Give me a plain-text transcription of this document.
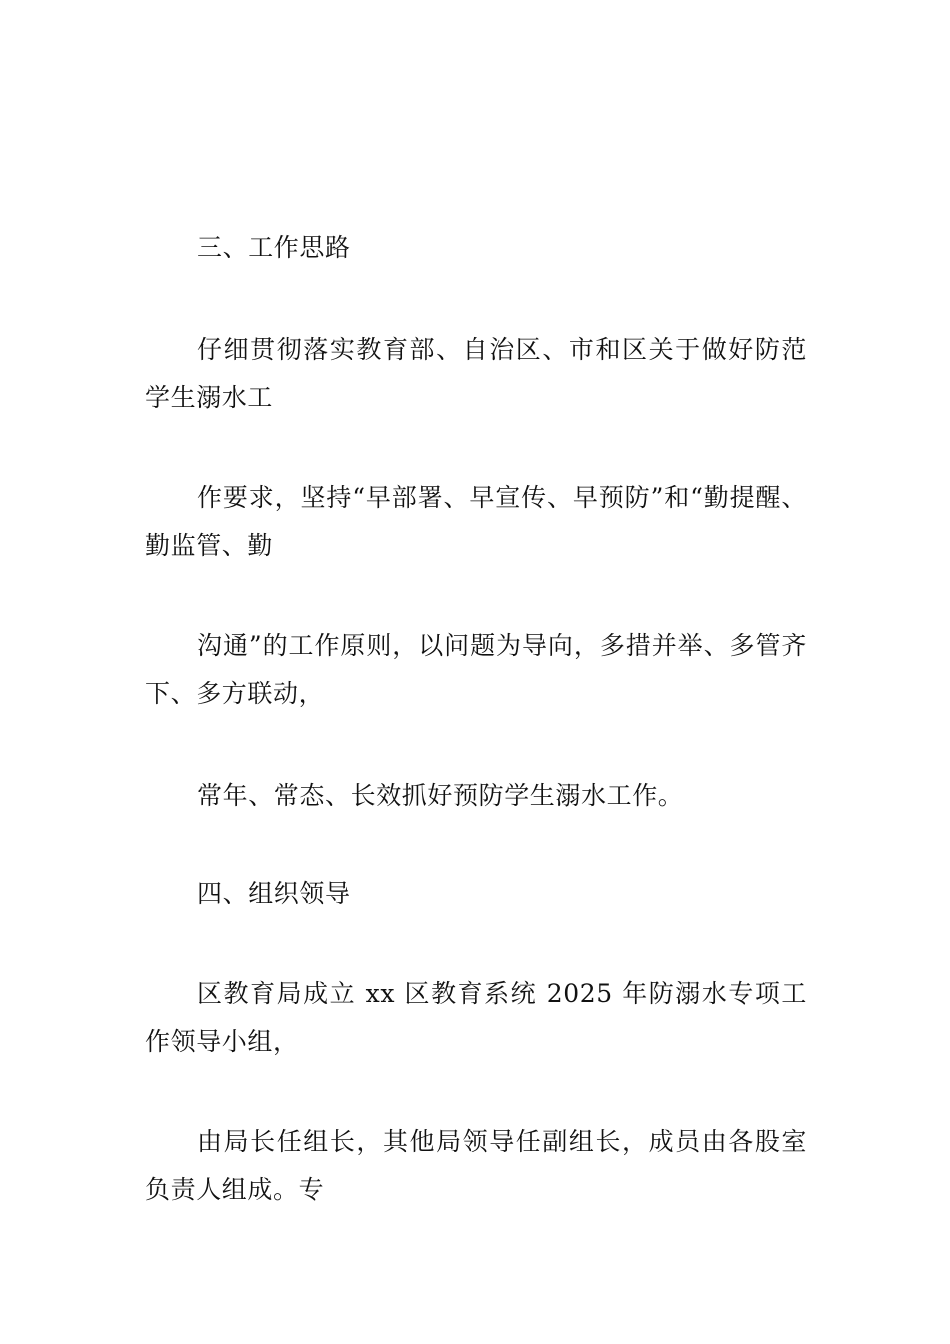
三、工作思路

仔细贯彻落实教育部、自治区、市和区关于做好防范学生溺水工

作要求，坚持“早部署、早宣传、早预防”和“勤提醒、勤监管、勤

沟通”的工作原则，以问题为导向，多措并举、多管齐下、多方联动，

常年、常态、长效抓好预防学生溺水工作。

四、组织领导

区教育局成立 xx 区教育系统 2025 年防溺水专项工作领导小组，

由局长任组长，其他局领导任副组长，成员由各股室负责人组成。专
